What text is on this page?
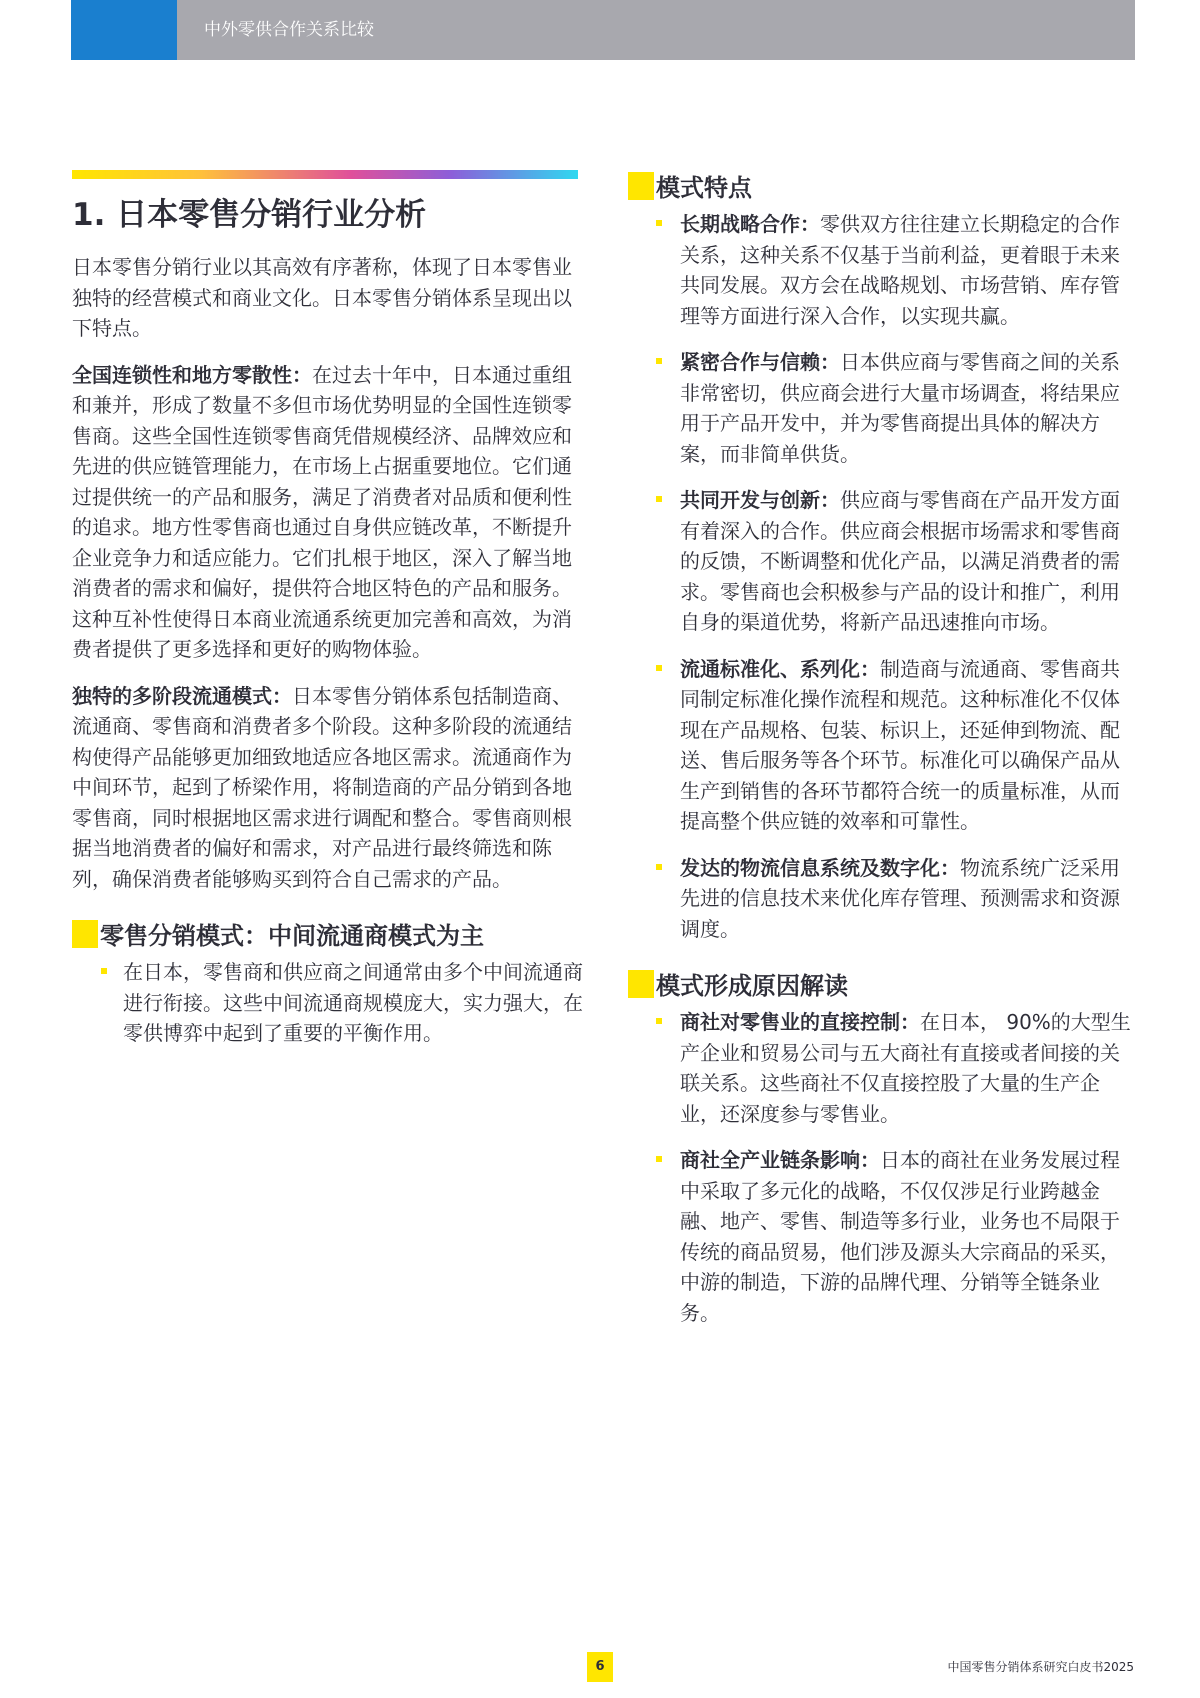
中外零供合作关系比较
1. 日本零售分销行业分析

日本零售分销行业以其高效有序著称，体现了日本零售业独特的经营模式和商业文化。日本零售分销体系呈现出以下特点。

全国连锁性和地方零散性：在过去十年中，日本通过重组和兼并，形成了数量不多但市场优势明显的全国性连锁零售商。这些全国性连锁零售商凭借规模经济、品牌效应和先进的供应链管理能力，在市场上占据重要地位。它们通过提供统一的产品和服务，满足了消费者对品质和便利性的追求。地方性零售商也通过自身供应链改革，不断提升企业竞争力和适应能力。它们扎根于地区，深入了解当地消费者的需求和偏好，提供符合地区特色的产品和服务。这种互补性使得日本商业流通系统更加完善和高效，为消费者提供了更多选择和更好的购物体验。

独特的多阶段流通模式：日本零售分销体系包括制造商、流通商、零售商和消费者多个阶段。这种多阶段的流通结构使得产品能够更加细致地适应各地区需求。流通商作为中间环节，起到了桥梁作用，将制造商的产品分销到各地零售商，同时根据地区需求进行调配和整合。零售商则根据当地消费者的偏好和需求，对产品进行最终筛选和陈列，确保消费者能够购买到符合自己需求的产品。

零售分销模式：中间流通商模式为主
在日本，零售商和供应商之间通常由多个中间流通商进行衔接。这些中间流通商规模庞大，实力强大，在零供博弈中起到了重要的平衡作用。
模式特点
长期战略合作：零供双方往往建立长期稳定的合作关系，这种关系不仅基于当前利益，更着眼于未来共同发展。双方会在战略规划、市场营销、库存管理等方面进行深入合作，以实现共赢。
紧密合作与信赖：日本供应商与零售商之间的关系非常密切，供应商会进行大量市场调查，将结果应用于产品开发中，并为零售商提出具体的解决方案，而非简单供货。
共同开发与创新：供应商与零售商在产品开发方面有着深入的合作。供应商会根据市场需求和零售商的反馈，不断调整和优化产品，以满足消费者的需求。零售商也会积极参与产品的设计和推广，利用自身的渠道优势，将新产品迅速推向市场。
流通标准化、系列化：制造商与流通商、零售商共同制定标准化操作流程和规范。这种标准化不仅体现在产品规格、包装、标识上，还延伸到物流、配送、售后服务等各个环节。标准化可以确保产品从生产到销售的各环节都符合统一的质量标准，从而提高整个供应链的效率和可靠性。
发达的物流信息系统及数字化：物流系统广泛采用先进的信息技术来优化库存管理、预测需求和资源调度。
模式形成原因解读
商社对零售业的直接控制：在日本， 90%的大型生产企业和贸易公司与五大商社有直接或者间接的关联关系。这些商社不仅直接控股了大量的生产企业，还深度参与零售业。
商社全产业链条影响：日本的商社在业务发展过程中采取了多元化的战略，不仅仅涉足行业跨越金融、地产、零售、制造等多行业，业务也不局限于传统的商品贸易，他们涉及源头大宗商品的采买，中游的制造，下游的品牌代理、分销等全链条业务。
6	中国零售分销体系研究白皮书2025
